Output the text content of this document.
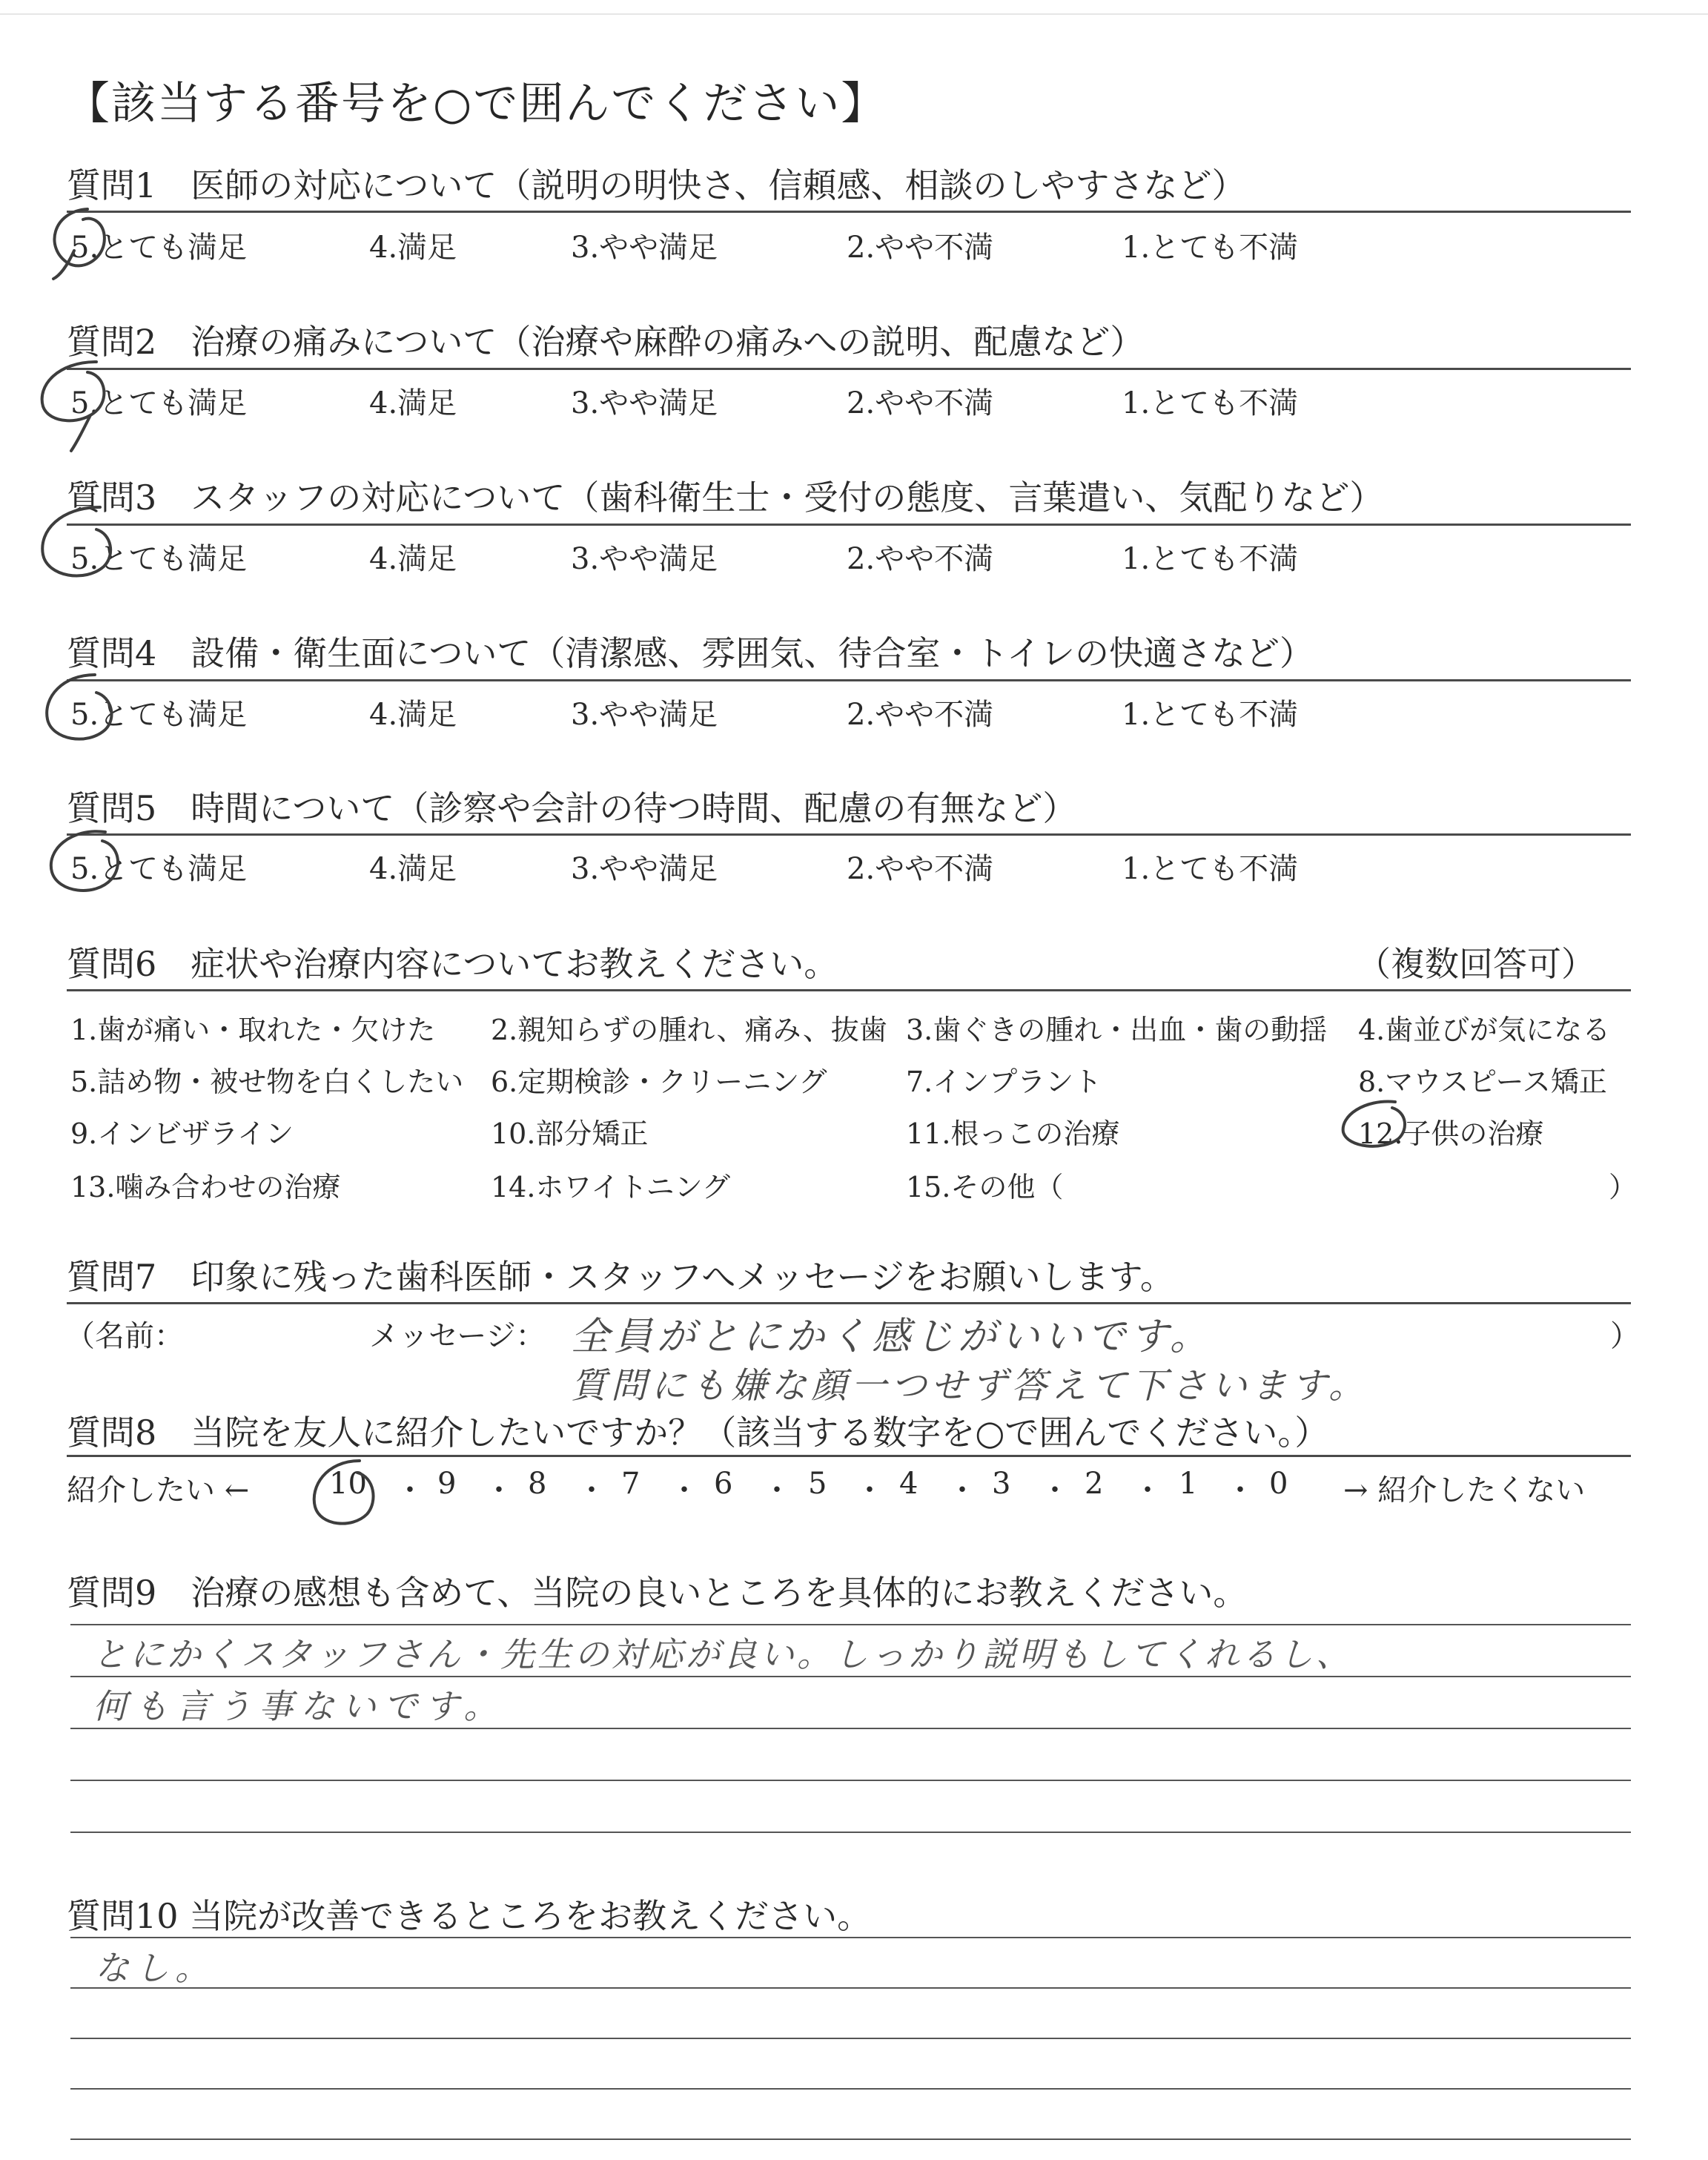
【該当する番号を○で囲んでください】
質問1　医師の対応について（説明の明快さ、信頼感、相談のしやすさなど）
5.とても満足	4.満足	3.やや満足	2.やや不満	1.とても不満
質問2　治療の痛みについて（治療や麻酔の痛みへの説明、配慮など）
5.とても満足	4.満足	3.やや満足	2.やや不満	1.とても不満
質問3　スタッフの対応について（歯科衛生士・受付の態度、言葉遣い、気配りなど）
5.とても満足	4.満足	3.やや満足	2.やや不満	1.とても不満
質問4　設備・衛生面について（清潔感、雰囲気、待合室・トイレの快適さなど）
5.とても満足	4.満足	3.やや満足	2.やや不満	1.とても不満
質問5　時間について（診察や会計の待つ時間、配慮の有無など）
5.とても満足	4.満足	3.やや満足	2.やや不満	1.とても不満
質問6　症状や治療内容についてお教えください。	（複数回答可）
1.歯が痛い・取れた・欠けた 2.親知らずの腫れ、痛み、抜歯 3.歯ぐきの腫れ・出血・歯の動揺 4.歯並びが気になる
5.詰め物・被せ物を白くしたい 6.定期検診・クリーニング	7.インプラント	8.マウスピース矯正
9.インビザライン	10.部分矯正	11.根っこの治療	12.子供の治療
13.噛み合わせの治療	14.ホワイトニング	15.その他（	）
質問7　印象に残った歯科医師・スタッフへメッセージをお願いします。
（名前：	メッセージ：	）
全員がとにかく感じがいいです。
質問にも嫌な顔一つせず答えて下さいます。
質問8　当院を友人に紹介したいですか？（該当する数字を○で囲んでください。）
紹介したい ←	→ 紹介したくない
10 ・ 9 ・ 8 ・ 7 ・ 6 ・ 5 ・ 4 ・ 3 ・ 2 ・ 1 ・ 0
質問9　治療の感想も含めて、当院の良いところを具体的にお教えください。
とにかくスタッフさん・先生の対応が良い。しっかり説明もしてくれるし、
何も言う事ないです。
質問10 当院が改善できるところをお教えください。
なし。
